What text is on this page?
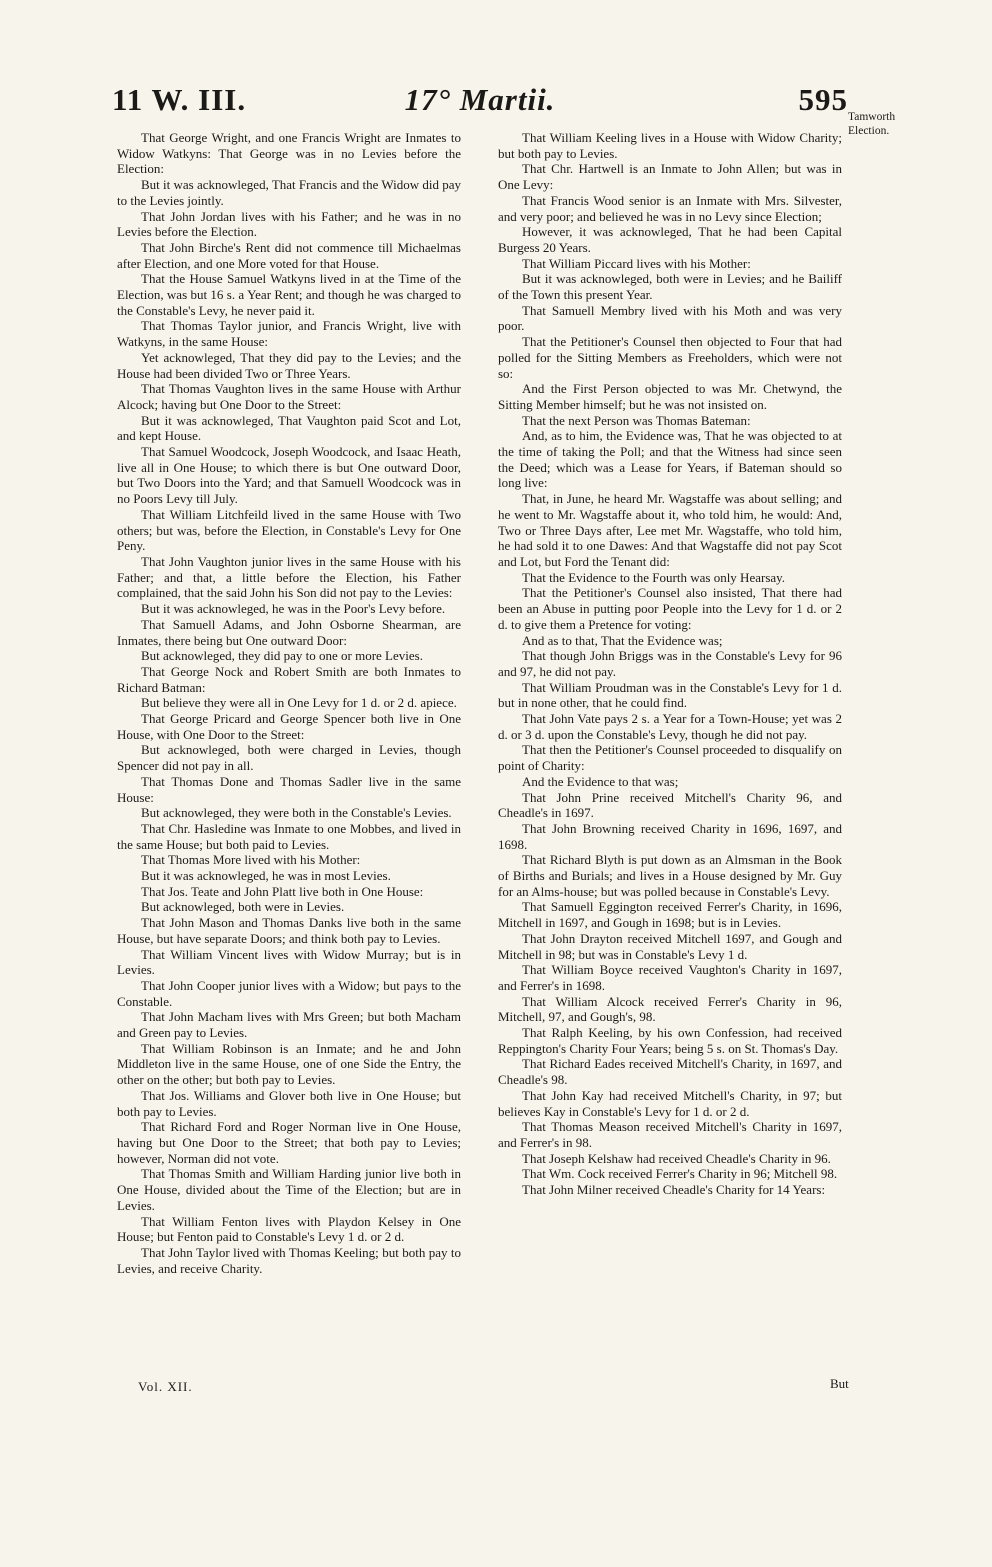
17° Martii.
11 W. III.	595 Tamworth Election.

That George Wright, and one Francis Wright are Inmates to Widow Watkyns: That George was in no Levies before the Election:

But it was acknowleged, That Francis and the Widow did pay to the Levies jointly.

That John Jordan lives with his Father; and he was in no Levies before the Election.

That John Birche's Rent did not commence till Michaelmas after Election, and one More voted for that House.

That the House Samuel Watkyns lived in at the Time of the Election, was but 16 s. a Year Rent; and though he was charged to the Constable's Levy, he never paid it.

That Thomas Taylor junior, and Francis Wright, live with Watkyns, in the same House:

Yet acknowleged, That they did pay to the Levies; and the House had been divided Two or Three Years.

That Thomas Vaughton lives in the same House with Arthur Alcock; having but One Door to the Street:

But it was acknowleged, That Vaughton paid Scot and Lot, and kept House.

That Samuel Woodcock, Joseph Woodcock, and Isaac Heath, live all in One House; to which there is but One outward Door, but Two Doors into the Yard; and that Samuell Woodcock was in no Poors Levy till July.

That William Litchfeild lived in the same House with Two others; but was, before the Election, in Constable's Levy for One Peny.

That John Vaughton junior lives in the same House with his Father; and that, a little before the Election, his Father complained, that the said John his Son did not pay to the Levies:

But it was acknowleged, he was in the Poor's Levy before.

That Samuell Adams, and John Osborne Shearman, are Inmates, there being but One outward Door:

But acknowleged, they did pay to one or more Levies.

That George Nock and Robert Smith are both Inmates to Richard Batman:

But believe they were all in One Levy for 1 d. or 2 d. apiece.

That George Pricard and George Spencer both live in One House, with One Door to the Street:

But acknowleged, both were charged in Levies, though Spencer did not pay in all.

That Thomas Done and Thomas Sadler live in the same House:

But acknowleged, they were both in the Constable's Levies.

That Chr. Hasledine was Inmate to one Mobbes, and lived in the same House; but both paid to Levies.

That Thomas More lived with his Mother:

But it was acknowleged, he was in most Levies.

That Jos. Teate and John Platt live both in One House:

But acknowleged, both were in Levies.

That John Mason and Thomas Danks live both in the same House, but have separate Doors; and think both pay to Levies.

That William Vincent lives with Widow Murray; but is in Levies.

That John Cooper junior lives with a Widow; but pays to the Constable.

That John Macham lives with Mrs Green; but both Macham and Green pay to Levies.

That William Robinson is an Inmate; and he and John Middleton live in the same House, one of one Side the Entry, the other on the other; but both pay to Levies.

That Jos. Williams and Glover both live in One House; but both pay to Levies.

That Richard Ford and Roger Norman live in One House, having but One Door to the Street; that both pay to Levies; however, Norman did not vote.

That Thomas Smith and William Harding junior live both in One House, divided about the Time of the Election; but are in Levies.

That William Fenton lives with Playdon Kelsey in One House; but Fenton paid to Constable's Levy 1 d. or 2 d.

That John Taylor lived with Thomas Keeling; but both pay to Levies, and receive Charity.

That William Keeling lives in a House with Widow Charity; but both pay to Levies.

That Chr. Hartwell is an Inmate to John Allen; but was in One Levy:

That Francis Wood senior is an Inmate with Mrs. Silvester, and very poor; and believed he was in no Levy since Election;

However, it was acknowleged, That he had been Capital Burgess 20 Years.

That William Piccard lives with his Mother:

But it was acknowleged, both were in Levies; and he Bailiff of the Town this present Year.

That Samuell Membry lived with his Moth and was very poor.

That the Petitioner's Counsel then objected to Four that had polled for the Sitting Members as Freeholders, which were not so:

And the First Person objected to was Mr. Chetwynd, the Sitting Member himself; but he was not insisted on.

That the next Person was Thomas Bateman:

And, as to him, the Evidence was, That he was objected to at the time of taking the Poll; and that the Witness had since seen the Deed; which was a Lease for Years, if Bateman should so long live:

That, in June, he heard Mr. Wagstaffe was about selling; and he went to Mr. Wagstaffe about it, who told him, he would: And, Two or Three Days after, Lee met Mr. Wagstaffe, who told him, he had sold it to one Dawes: And that Wagstaffe did not pay Scot and Lot, but Ford the Tenant did:

That the Evidence to the Fourth was only Hearsay.

That the Petitioner's Counsel also insisted, That there had been an Abuse in putting poor People into the Levy for 1 d. or 2 d. to give them a Pretence for voting:

And as to that, That the Evidence was;

That though John Briggs was in the Constable's Levy for 96 and 97, he did not pay.

That William Proudman was in the Constable's Levy for 1 d. but in none other, that he could find.

That John Vate pays 2 s. a Year for a Town-House; yet was 2 d. or 3 d. upon the Constable's Levy, though he did not pay.

That then the Petitioner's Counsel proceeded to disqualify on point of Charity:

And the Evidence to that was;

That John Prine received Mitchell's Charity 96, and Cheadle's in 1697.

That John Browning received Charity in 1696, 1697, and 1698.

That Richard Blyth is put down as an Almsman in the Book of Births and Burials; and lives in a House designed by Mr. Guy for an Alms-house; but was polled because in Constable's Levy.

That Samuell Eggington received Ferrer's Charity, in 1696, Mitchell in 1697, and Gough in 1698; but is in Levies.

That John Drayton received Mitchell 1697, and Gough and Mitchell in 98; but was in Constable's Levy 1 d.

That William Boyce received Vaughton's Charity in 1697, and Ferrer's in 1698.

That William Alcock received Ferrer's Charity in 96, Mitchell, 97, and Gough's, 98.

That Ralph Keeling, by his own Confession, had received Reppington's Charity Four Years; being 5 s. on St. Thomas's Day.

That Richard Eades received Mitchell's Charity, in 1697, and Cheadle's 98.

That John Kay had received Mitchell's Charity, in 97; but believes Kay in Constable's Levy for 1 d. or 2 d.

That Thomas Meason received Mitchell's Charity in 1697, and Ferrer's in 98.

That Joseph Kelshaw had received Cheadle's Charity in 96.

That Wm. Cock received Ferrer's Charity in 96; Mitchell 98.

That John Milner received Cheadle's Charity for 14 Years:

Vol. XII.	But
